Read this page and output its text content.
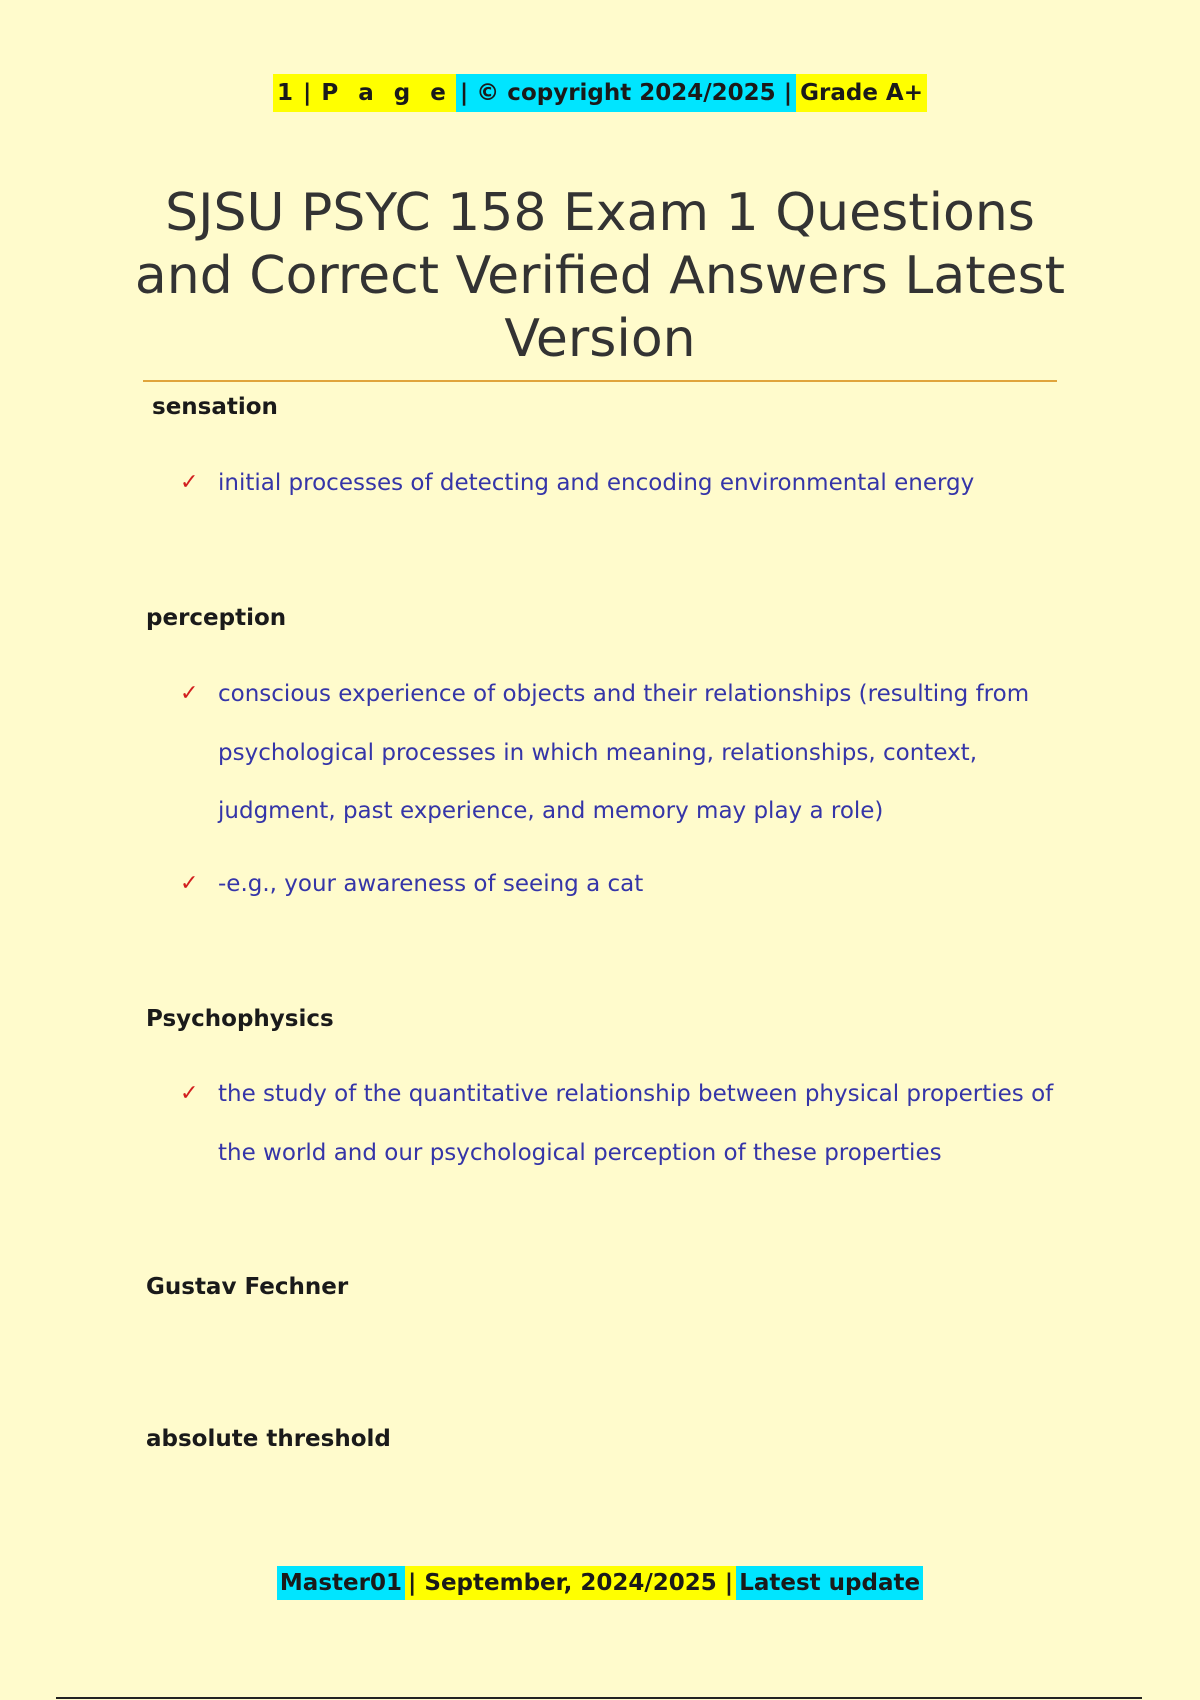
1 | P a g e | © copyright 2024/2025 | Grade A+
SJSU PSYC 158 Exam 1 Questions and Correct Verified Answers Latest Version
sensation
✓ initial processes of detecting and encoding environmental energy
perception
✓ conscious experience of objects and their relationships (resulting from psychological processes in which meaning, relationships, context, judgment, past experience, and memory may play a role)
✓ -e.g., your awareness of seeing a cat
Psychophysics
✓ the study of the quantitative relationship between physical properties of the world and our psychological perception of these properties
Gustav Fechner
absolute threshold
Master01 | September, 2024/2025 | Latest update
